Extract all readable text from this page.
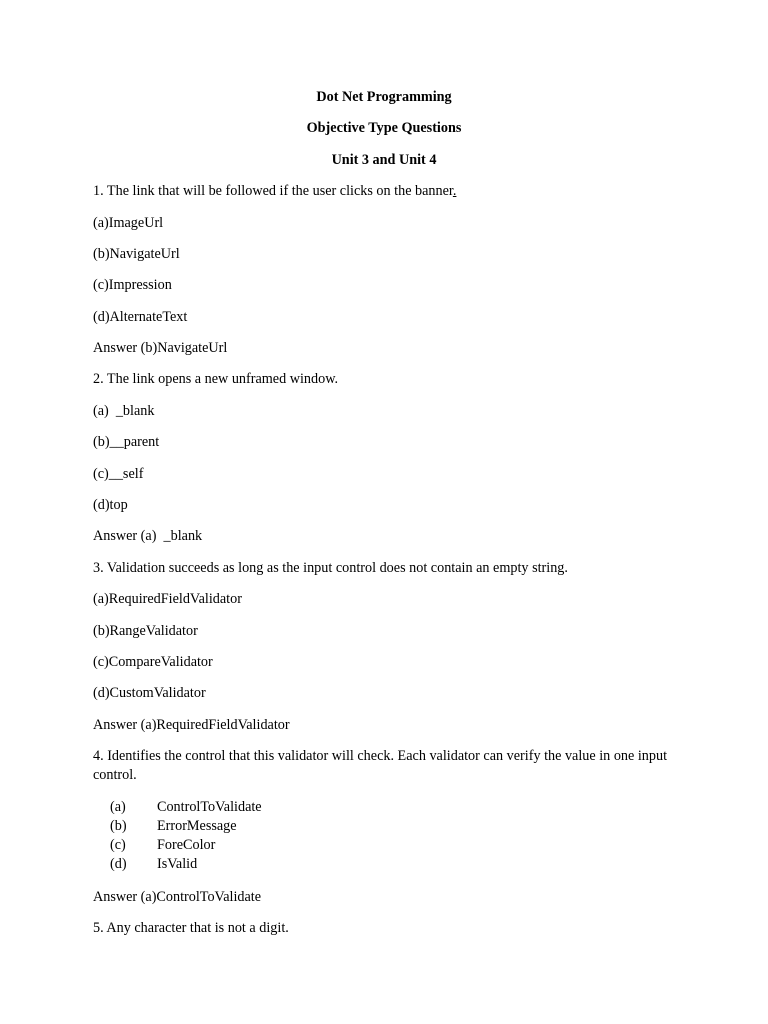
Dot Net Programming
Objective Type Questions
Unit 3 and Unit 4
1. The link that will be followed if the user clicks on the banner.
(a)ImageUrl
(b)NavigateUrl
(c)Impression
(d)AlternateText
Answer (b)NavigateUrl
2. The link opens a new unframed window.
(a)  _blank
(b)__parent
(c)__self
(d)top
Answer (a)  _blank
3. Validation succeeds as long as the input control does not contain an empty string.
(a)RequiredFieldValidator
(b)RangeValidator
(c)CompareValidator
(d)CustomValidator
Answer (a)RequiredFieldValidator
4. Identifies the control that this validator will check. Each validator can verify the value in one input control.
(a) ControlToValidate
(b) ErrorMessage
(c) ForeColor
(d) IsValid
Answer (a)ControlToValidate
5. Any character that is not a digit.
